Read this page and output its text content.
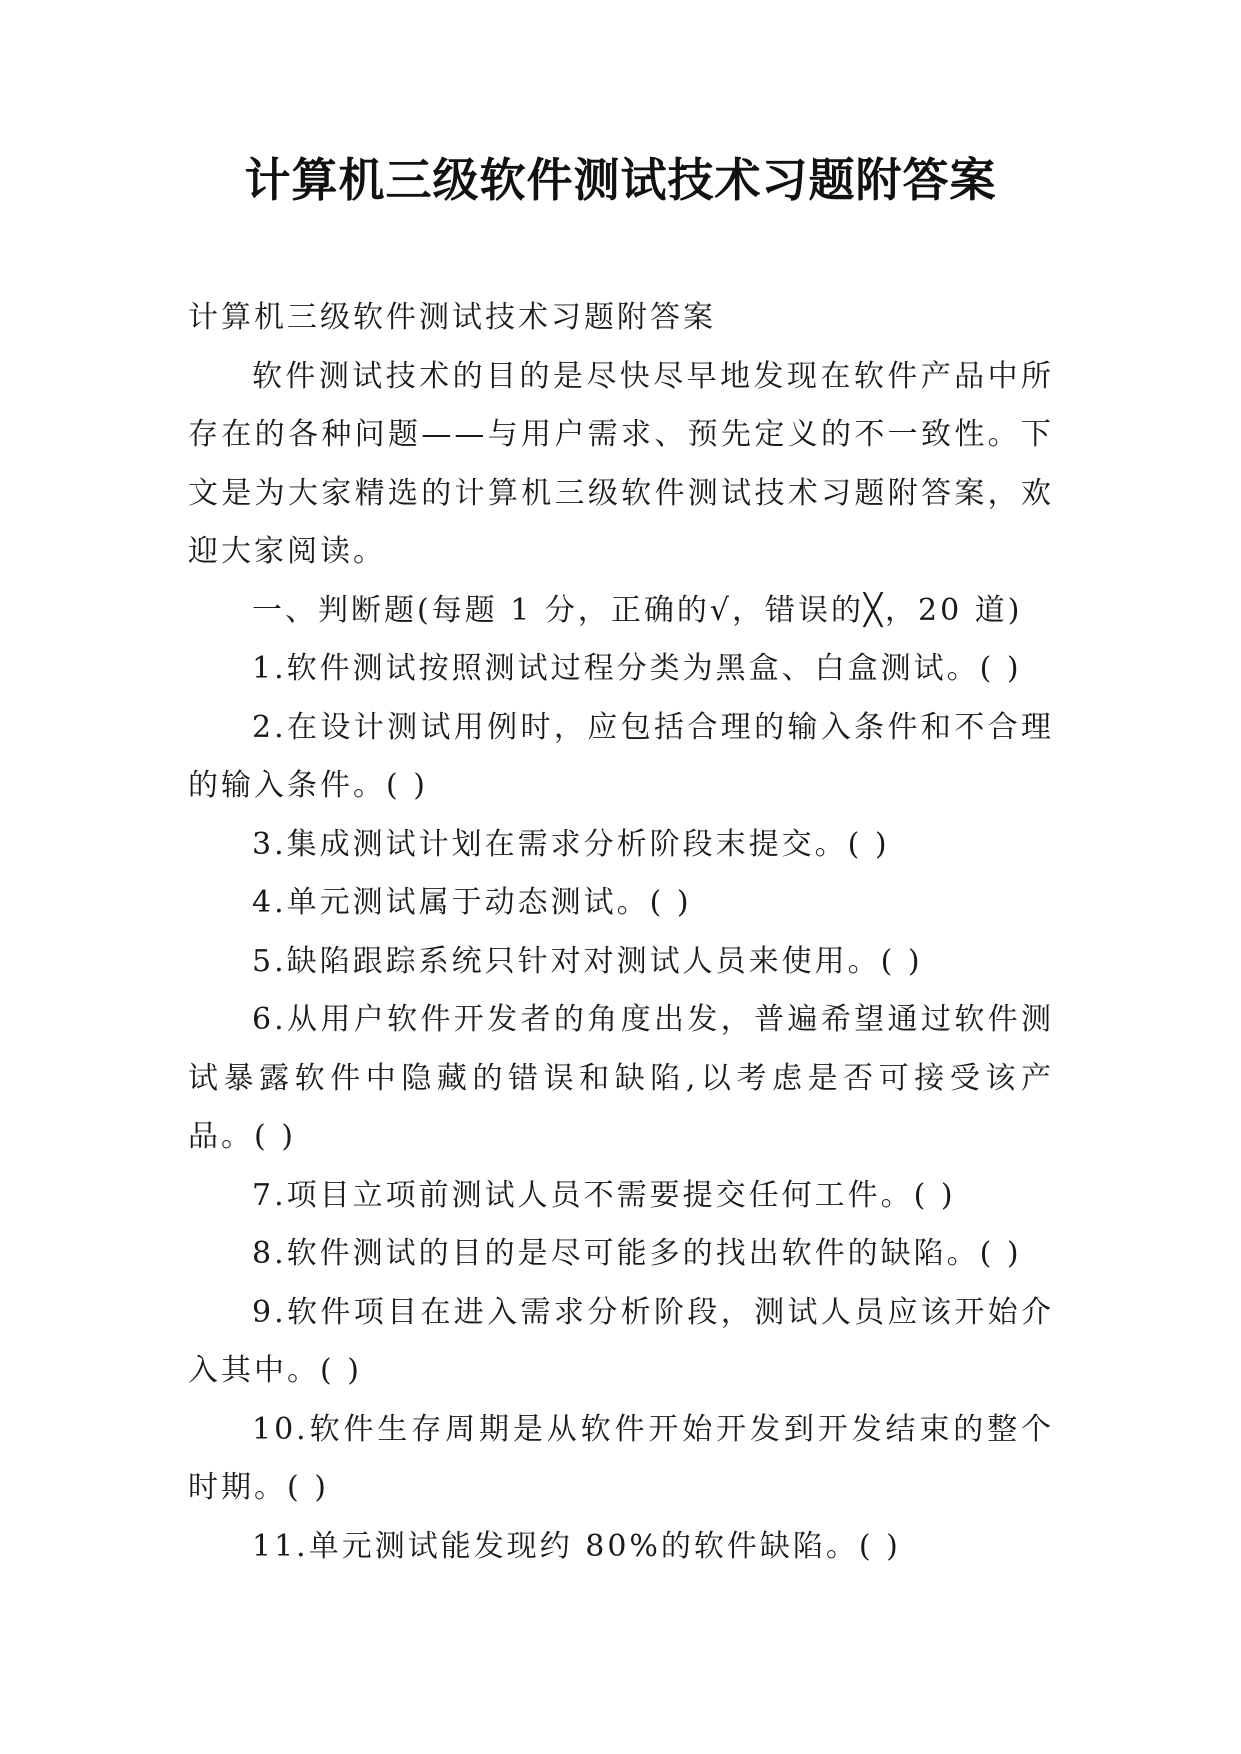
计算机三级软件测试技术习题附答案

计算机三级软件测试技术习题附答案

软件测试技术的目的是尽快尽早地发现在软件产品中所存在的各种问题——与用户需求、预先定义的不一致性。下文是为大家精选的计算机三级软件测试技术习题附答案，欢迎大家阅读。

一、判断题(每题 1 分，正确的√，错误的╳，20 道)

1.软件测试按照测试过程分类为黑盒、白盒测试。( )

2.在设计测试用例时，应包括合理的输入条件和不合理的输入条件。( )

3.集成测试计划在需求分析阶段末提交。( )

4.单元测试属于动态测试。( )

5.缺陷跟踪系统只针对对测试人员来使用。( )

6.从用户软件开发者的角度出发，普遍希望通过软件测试暴露软件中隐藏的错误和缺陷,以考虑是否可接受该产品。( )

7.项目立项前测试人员不需要提交任何工件。( )

8.软件测试的目的是尽可能多的找出软件的缺陷。( )

9.软件项目在进入需求分析阶段，测试人员应该开始介入其中。( )

10.软件生存周期是从软件开始开发到开发结束的整个时期。( )

11.单元测试能发现约 80%的软件缺陷。( )
